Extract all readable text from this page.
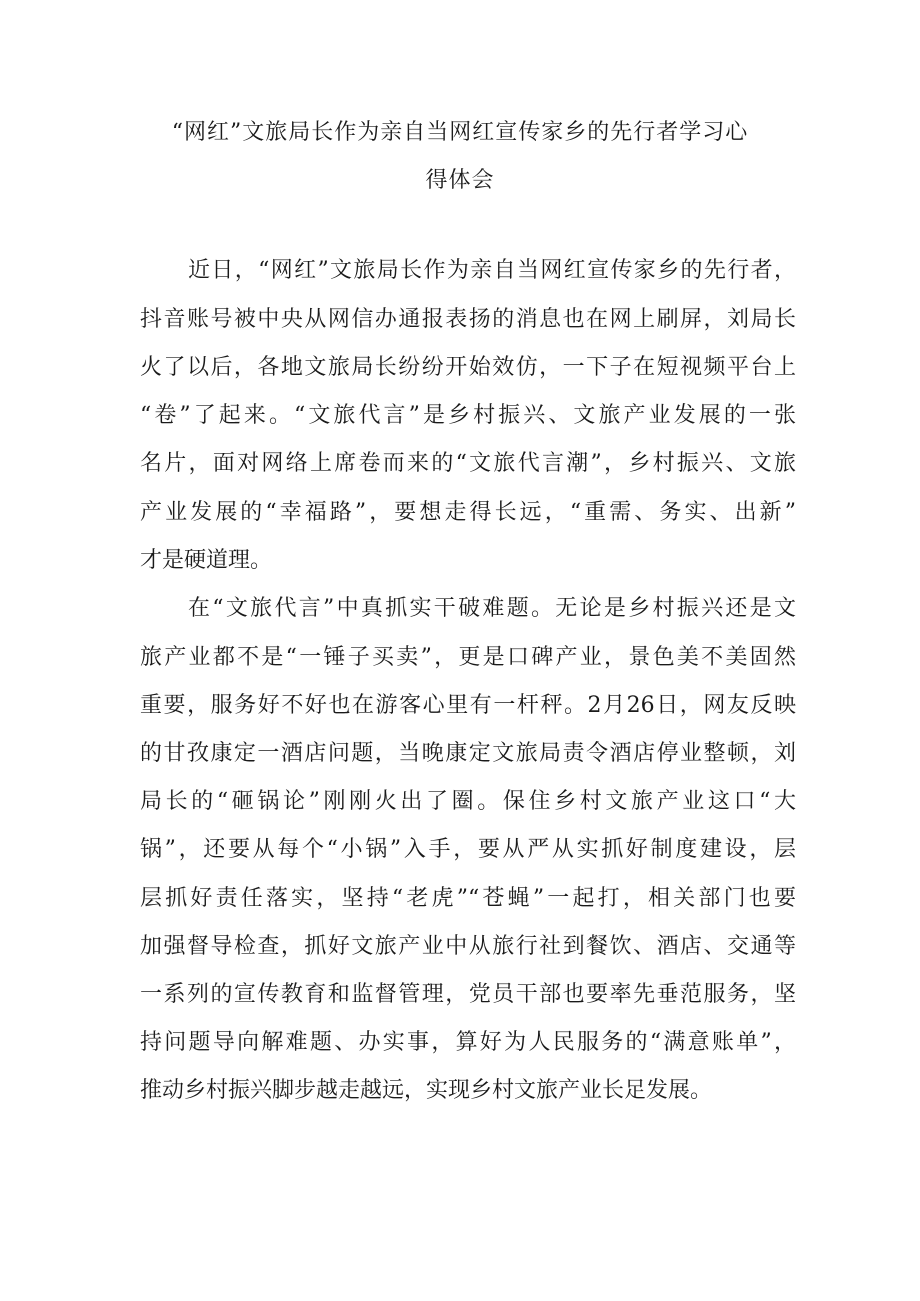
“网红”文旅局长作为亲自当网红宣传家乡的先行者学习心
得体会
近日，“网红”文旅局长作为亲自当网红宣传家乡的先行者，
抖音账号被中央从网信办通报表扬的消息也在网上刷屏，刘局长
火了以后，各地文旅局长纷纷开始效仿，一下子在短视频平台上
“卷”了起来。“文旅代言”是乡村振兴、文旅产业发展的一张
名片，面对网络上席卷而来的“文旅代言潮”，乡村振兴、文旅
产业发展的“幸福路”，要想走得长远，“重需、务实、出新”
才是硬道理。
在“文旅代言”中真抓实干破难题。无论是乡村振兴还是文
旅产业都不是“一锤子买卖”，更是口碑产业，景色美不美固然
重要，服务好不好也在游客心里有一杆秤。2月26日，网友反映
的甘孜康定一酒店问题，当晚康定文旅局责令酒店停业整顿，刘
局长的“砸锅论”刚刚火出了圈。保住乡村文旅产业这口“大
锅”，还要从每个“小锅”入手，要从严从实抓好制度建设，层
层抓好责任落实，坚持“老虎”“苍蝇”一起打，相关部门也要
加强督导检查，抓好文旅产业中从旅行社到餐饮、酒店、交通等
一系列的宣传教育和监督管理，党员干部也要率先垂范服务，坚
持问题导向解难题、办实事，算好为人民服务的“满意账单”，
推动乡村振兴脚步越走越远，实现乡村文旅产业长足发展。
